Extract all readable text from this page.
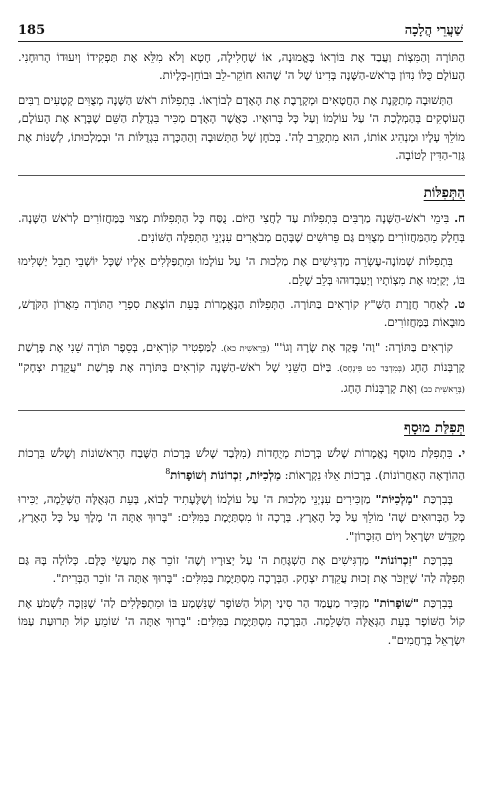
185	שַׁעֲרֵי הֲלָכָה

הַתּוֹרָה וְהַמִּצְוֹת וַעֲבַד אֶת בּוֹרְאוֹ בֶּאֱמוּנָה, אוֹ שֶׁחָלִילָה, חָטָא וְלֹא מִלֵּא אֶת תַּפְקִידוֹ וְיִעוּדוֹ הָרוּחָנִי. הָעוֹלָם כֻּלּוֹ נִדּוֹן בְּרֹאשׁ-הַשָּׁנָה בְּדִינוֹ שֶׁל ה' שֶׁהוּא חוֹקֵר-לֵב וּבוֹחֵן-כְּלָיוֹת.

הַתְּשׁוּבָה מְתַקֶּנֶת אֶת הַחֲטָאִים וּמְקָרֶבֶת אֶת הָאָדָם לְבוֹרְאוֹ. בִּתְפִלּוֹת רֹאשׁ הַשָּׁנָה מְצֻוִּים קְטָעִים רַבִּים הָעוֹסְקִים בְּהַמְלָכַת ה' עַל עוֹלָמוֹ וְעַל כָּל בְּרוּאָיו. כַּאֲשֶׁר הָאָדָם מַכִּיר בִּגְדֻלַּת הַשֵּׁם שֶׁבָּרָא אֶת הָעוֹלָם, מוֹלֵךְ עָלָיו וּמַנְהִיג אוֹתוֹ, הוּא מִתְקָרֵב לְה'. בְּכֹחָן שֶׁל הַתְּשׁוּבָה וְהַהַכָּרָה בִּגְדֻלּוֹת ה' וּבְמַלְכוּתוֹ, לְשַׁנּוֹת אֶת גְּזַר-הַדִּין לְטוֹבָה.

הַתְּפִלּוֹת

ח. בִּימֵי רֹאשׁ-הַשָּׁנָה מַרְבִּים בִּתְפִלּוֹת עַד לַחֲצִי הַיּוֹם. נֻסַּח כָּל הַתְּפִלּוֹת מָצוּי בַּמַּחֲזוֹרִים לְרֹאשׁ הַשָּׁנָה. בְּחֵלֶק מֵהַמַּחֲזוֹרִים מְצֻוִּים גַּם פֵּרוּשִׁים שֶׁבָּהֶם מְבֹאָרִים עִנְיְנֵי הַתְּפִלָּה הַשּׁוֹנִים.

בִּתְפִלּוֹת שְׁמוֹנֶה-עֶשְׂרֵה מַדְגִּישִׁים אֶת מַלְכוּת ה' עַל עוֹלָמוֹ וּמִתְפַּלְּלִים אֵלָיו שֶׁכָּל יוֹשְׁבֵי תֵבֵל יַשְׁלִימוּ בּוֹ, יְקַיְּמוּ אֶת מִצְוֹתָיו וְיַעַבְדוּהוּ בְּלֵב שָׁלֵם.

ט. לְאַחַר חֲזָרַת הַשַּׁ"ץ קוֹרְאִים בַּתּוֹרָה. הַתְּפִלּוֹת הַנֶּאֱמָרוֹת בְּעֵת הוֹצָאַת סִפְרֵי הַתּוֹרָה מֵאֲרוֹן הַקֹּדֶשׁ, מוּבָאוֹת בַּמַּחֲזוֹרִים.

קוֹרְאִים בַּתּוֹרָה: "וַה' פָּקַד אֶת שָׂרָה וְגוֹ'" (בְּרֵאשִׁית כא). לַמַּפְטִיר קוֹרְאִים, בְּסֵפֶר תּוֹרָה שֵׁנִי אֶת פָּרָשַׁת קָרְבְּנוֹת הֶחָג (בְּמִדְבַּר כט פִּינְחָס). בַּיּוֹם הַשֵּׁנִי שֶׁל רֹאשׁ-הַשָּׁנָה קוֹרְאִים בַּתּוֹרָה אֶת פָּרָשַׁת "עֲקֵדַת יִצְחָק" (בְּרֵאשִׁית כב) וְאֶת קָרְבְּנוֹת הֶחָג.

תְּפִלַּת מוּסָף

י. בִּתְפִלַּת מוּסָף נֶאֱמָרוֹת שָׁלֹשׁ בְּרָכוֹת מְיֻחָדוֹת (מִלְּבַד שָׁלֹשׁ בְּרָכוֹת הַשֶּׁבַח הָרִאשׁוֹנוֹת וְשָׁלֹשׁ בִּרְכוֹת הַהוֹדָאָה הָאַחֲרוֹנוֹת). בְּרָכוֹת אֵלּוּ נִקְרָאוֹת: מַלְכִיּוֹת, זִכְרוֹנוֹת וְשׁוֹפָרוֹת$^8$

בְּבִרְכַּת "מַלְכִיּוֹת" מַזְכִּירִים עִנְיְנֵי מַלְכוּת ה' עַל עוֹלָמוֹ וְשֶׁלֶּעָתִיד לָבוֹא, בְּעֵת הַגְּאֻלָּה הַשְּׁלֵמָה, יַכִּירוּ כָּל הַבְּרוּאִים שֶׁה' מוֹלֵךְ עַל כָּל הָאָרֶץ. בְּרָכָה זוֹ מִסְתַּיֶּמֶת בַּמִּלִּים: "בָּרוּךְ אַתָּה ה' מֶלֶךְ עַל כָּל הָאָרֶץ, מְקַדֵּשׁ יִשְׂרָאֵל וְיוֹם הַזִּכָּרוֹן".

בְּבִרְכַּת "זִכְרוֹנוֹת" מַדְגִּישִׁים אֶת הַשְׁגָּחַת ה' עַל יְצוּרָיו וְשֶׁה' זוֹכֵר אֶת מַעֲשֵׂי כֻּלָּם. כְּלוֹלָה בָּהּ גַּם תְּפִלָּה לַה' שֶׁיִּזְכֹּר אֶת זְכוּת עֲקֵדַת יִצְחָק. הַבְּרָכָה מִסְתַּיֶּמֶת בַּמִּלִּים: "בָּרוּךְ אַתָּה ה' זוֹכֵר הַבְּרִית".

בְּבִרְכַּת "שׁוֹפָרוֹת" מַזְכִּיר מַעֲמַד הַר סִינַי וְקוֹל הַשּׁוֹפָר שֶׁנִּשְׁמַע בּוֹ וּמִתְפַּלְּלִים לַה' שֶׁנִּזְכֶּה לִשְׁמֹעַ אֶת קוֹל הַשּׁוֹפָר בְּעֵת הַגְּאֻלָּה הַשְּׁלֵמָה. הַבְּרָכָה מִסְתַּיֶּמֶת בַּמִּלִּים: "בָּרוּךְ אַתָּה ה' שׁוֹמֵעַ קוֹל תְּרוּעַת עַמּוֹ יִשְׂרָאֵל בְּרַחֲמִים".
